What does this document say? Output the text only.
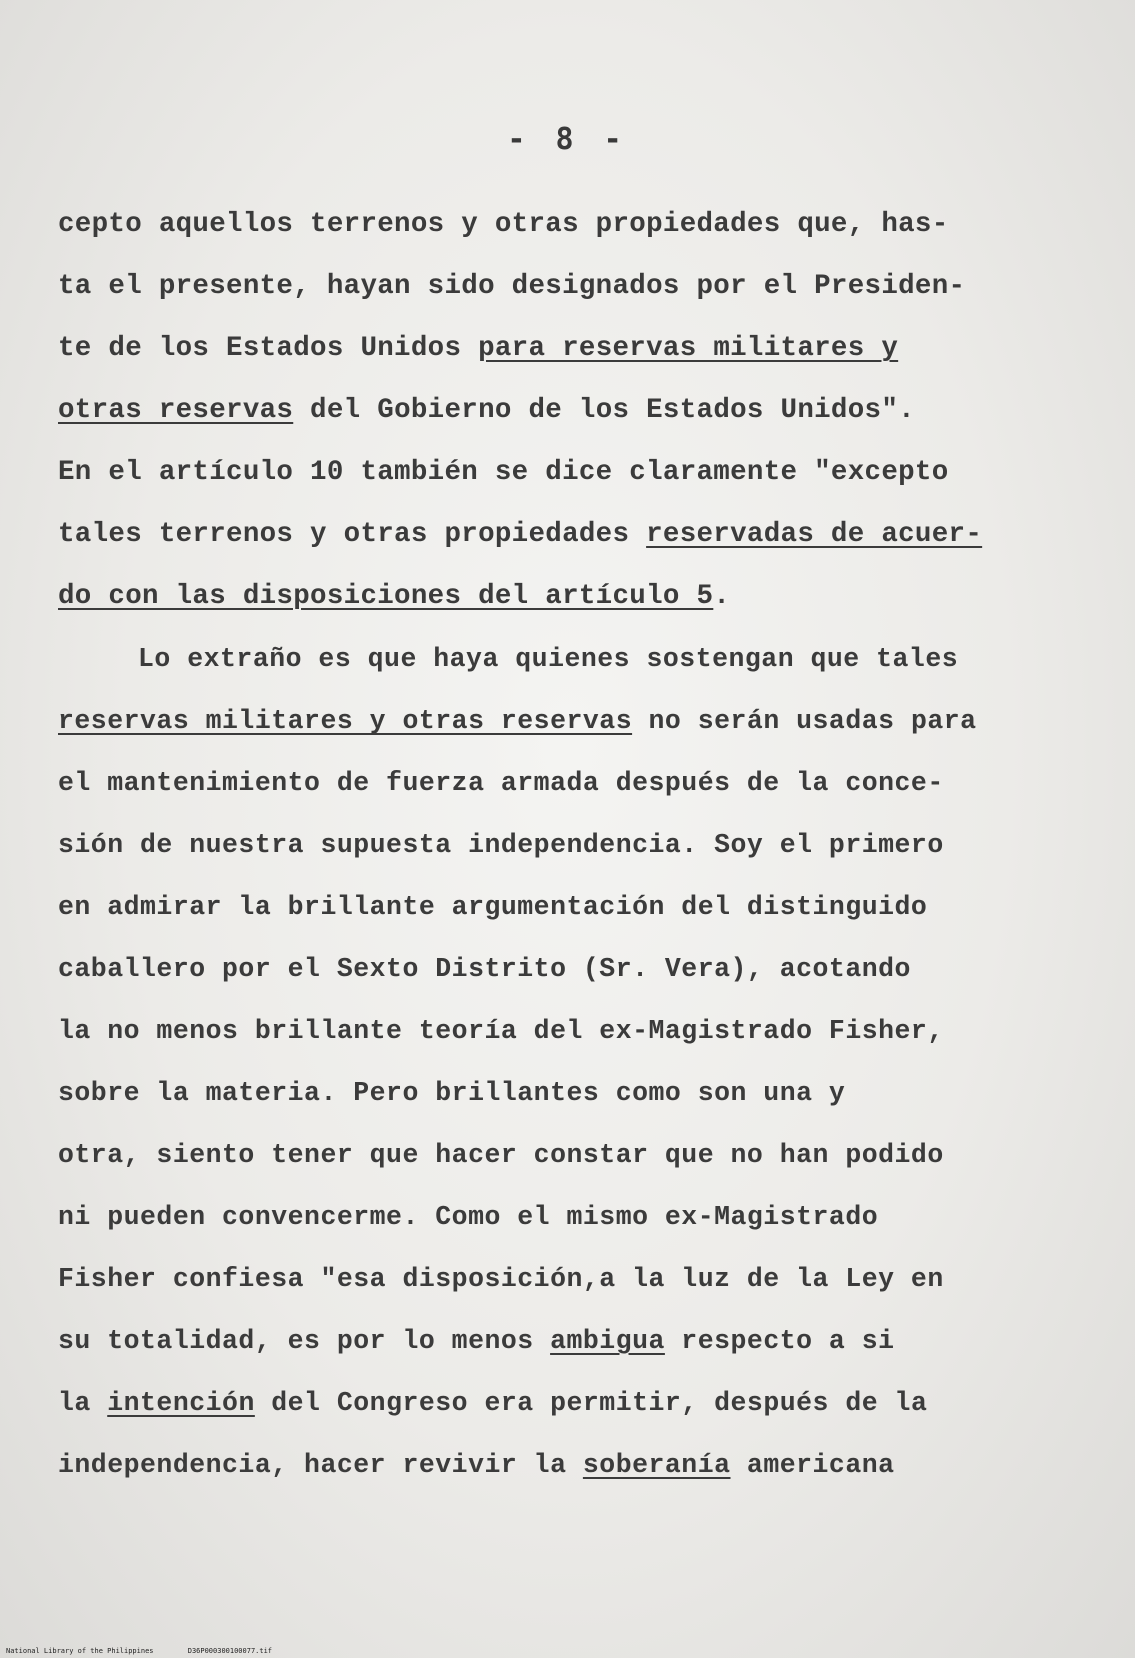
- 8 -
cepto aquellos terrenos y otras propiedades que, has-
ta el presente, hayan sido designados por el Presiden-
te de los Estados Unidos para reservas militares y
otras reservas del Gobierno de los Estados Unidos".
En el artículo 10 también se dice claramente "excepto
tales terrenos y otras propiedades reservadas de acuer-
do con las disposiciones del artículo 5.
Lo extraño es que haya quienes sostengan que tales
reservas militares y otras reservas no serán usadas para
el mantenimiento de fuerza armada después de la conce-
sión de nuestra supuesta independencia. Soy el primero
en admirar la brillante argumentación del distinguido
caballero por el Sexto Distrito (Sr. Vera), acotando
la no menos brillante teoría del ex-Magistrado Fisher,
sobre la materia. Pero brillantes como son una y
otra, siento tener que hacer constar que no han podido
ni pueden convencerme. Como el mismo ex-Magistrado
Fisher confiesa "esa disposición,a la luz de la Ley en
su totalidad, es por lo menos ambigua respecto a si
la intención del Congreso era permitir, después de la
independencia, hacer revivir la soberanía americana
National Library of the Philippines	D36P000300100077.tif
